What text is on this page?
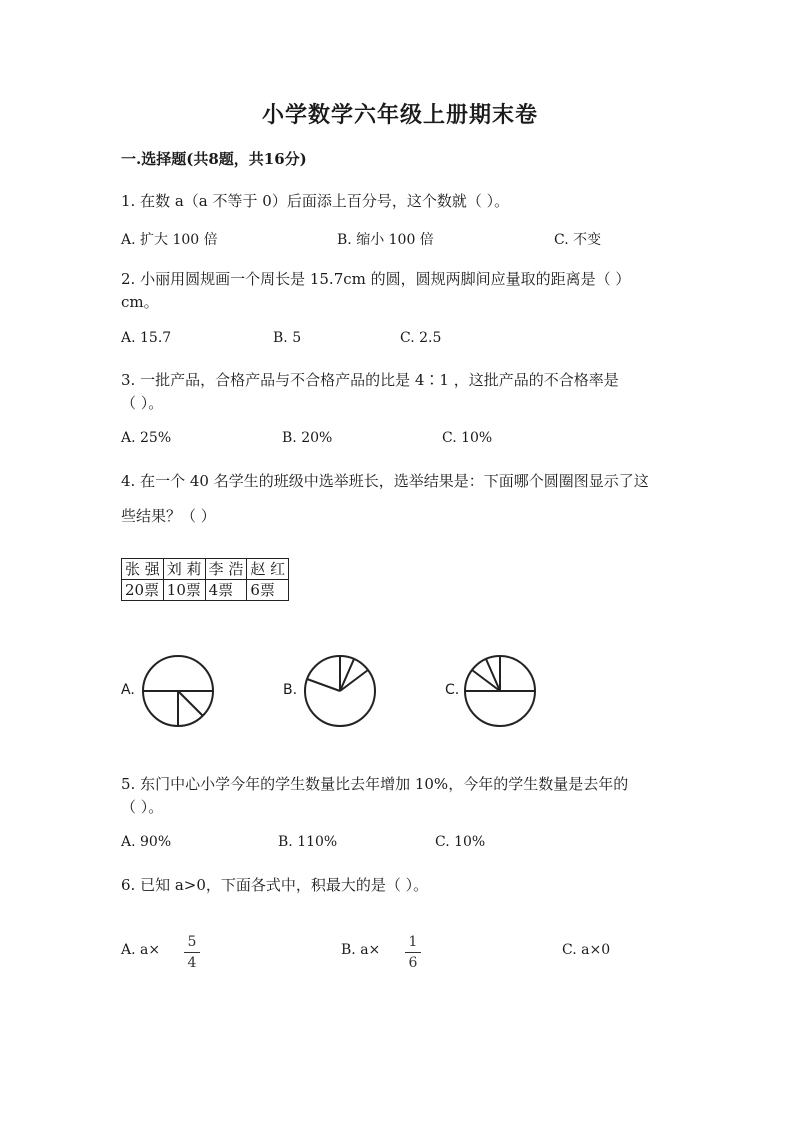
小学数学六年级上册期末卷
一.选择题(共8题，共16分)
1. 在数 a（a 不等于 0）后面添上百分号，这个数就（ ）。
A. 扩大 100 倍	B. 缩小 100 倍	C. 不变
2. 小丽用圆规画一个周长是 15.7cm 的圆，圆规两脚间应量取的距离是（ ）
cm。
A. 15.7	B. 5	C. 2.5
3. 一批产品，合格产品与不合格产品的比是 4∶1 ，这批产品的不合格率是
（ ）。
A. 25%	B. 20%	C. 10%
4. 在一个 40 名学生的班级中选举班长，选举结果是：下面哪个圆圈图显示了这
些结果？（ ）
张 强	刘 莉	李 浩	赵 红
20票	10票	4票	6票
A.	B.	C.
5. 东门中心小学今年的学生数量比去年增加 10%，今年的学生数量是去年的
（ ）。
A. 90%	B. 110%	C. 10%
6. 已知 a>0，下面各式中，积最大的是（ ）。
A. a× 5
4
B. a× 1
6
C. a×0
